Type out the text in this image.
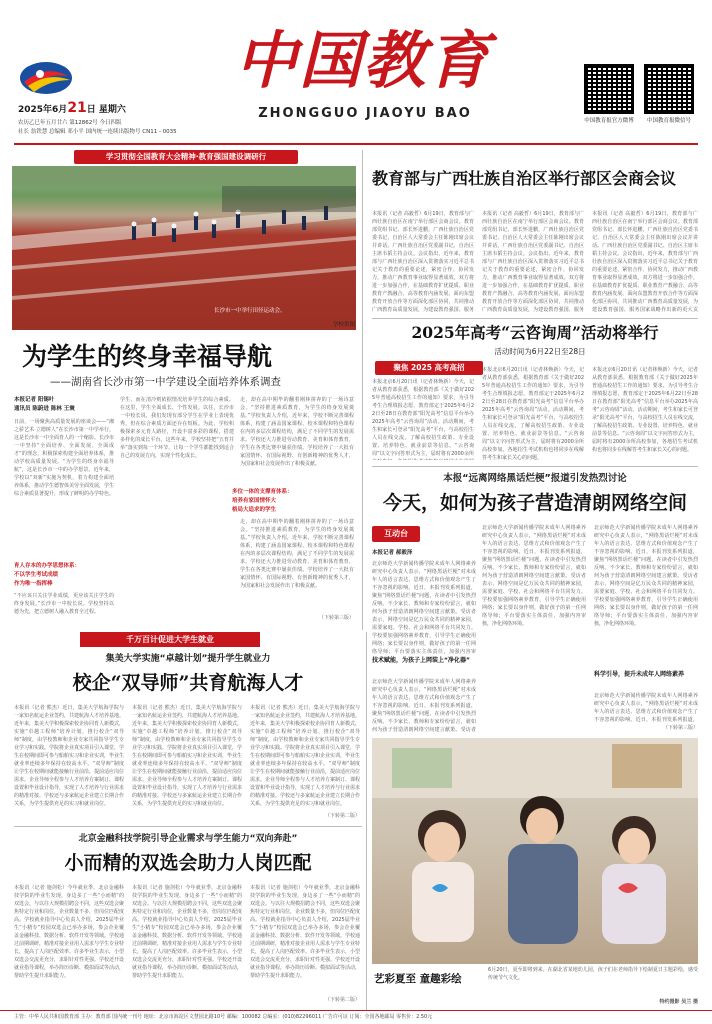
2025年6月21日 星期六
农历乙巳年五月廿六 第12862号 今日四版
社长 翁铁慧 总编辑 邓小平 国内统一连续出版物号 CN11 - 0035
中国教育
ZHONGGUO JIAOYU BAO	中国教育报官方微博	中国教育报微信号
学习贯彻全国教育大会精神·教育强国建设调研行
长沙市一中举行田径运动会。
学校供图
为学生的终身幸福导航
——湖南省长沙市第一中学建设全面培养体系调查
本报记者 阳锡叶
通讯员 陈蔚进 陈林 王寰
日前，一场聚焦高质量发展的座谈会——“湘之骄艺术·立德树人”在长沙市第一中学举行。这是长沙市一中全面育人的一个缩影。长沙市一中坚持“全面培养、全面发展、全面成才”的理念，积极探索构建全面培养体系，推动学校高质量发展。“为学生的终身幸福导航”，这是长沙市一中的办学愿景。近年来，学校以“双新”实施为契机，着力构建全面培养体系，推动学生德智体美劳全面发展，学生综合素质显著提升，形成了鲜明的办学特色。
育人存本的办学思想体系：
不以学生考试成绩
作为唯一指挥棒
“不应该只关注学业成绩，更应该关注学生的终身发展。”长沙市一中校长说。学校坚持以德为先，把立德树人融入教育全过程。
学生，而在清冷则依据情况培养学生的综合素质。在这里，学生全面成长、个性发展。以往，长沙市一中校长说，我们发现有部分学生在学业上表现优秀，但在综合素质方面还存在短板。为此，学校积极探索多元育人路径，开设丰富多彩的课程，搭建多样化的成长平台。这些年来，学校坚持把“五育并举”落实到每一个环节，让每一个学生都能找到适合自己的发展方向，实现个性化成长。
多位一体的支撑育体系：
培养有家国情怀大
格局大追求的学生
走，却在高中期毕的翻着刚林拼奔的了一场诗意会。“坚持推进素质教育，为学生的终身发展奠基。”学校负责人介绍，近年来，学校不断完善课程体系，构建了涵盖国家课程、校本课程和特色课程在内的多层次课程结构，满足了不同学生的发展需求。学校还大力推进劳动教育、美育和体育教育，学生在各类比赛中屡获佳绩。学校培养了一大批有家国情怀、有国际视野、有创新精神的优秀人才，为国家和社会发展作出了积极贡献。
走，却在高中期毕的翻着刚林拼奔的了一场诗意会。“坚持推进素质教育，为学生的终身发展奠基。”学校负责人介绍，近年来，学校不断完善课程体系，构建了涵盖国家课程、校本课程和特色课程在内的多层次课程结构，满足了不同学生的发展需求。学校还大力推进劳动教育、美育和体育教育，学生在各类比赛中屡获佳绩。学校培养了一大批有家国情怀、有国际视野、有创新精神的优秀人才，为国家和社会发展作出了积极贡献。
（下转第三版）
教育部与广西壮族自治区举行部区会商会议
本报讯（记者 高毅哲）6月19日，教育部与广西壮族自治区在南宁举行部区会商会议。教育部党组书记、部长怀进鹏，广西壮族自治区党委书记、自治区人大常委会主任陈刚出席会议并讲话。广西壮族自治区党委副书记、自治区主席韦韬主持会议。会议指出，近年来，教育部与广西壮族自治区深入贯彻落实习近平总书记关于教育的重要论述，紧密合作、协同发力，推动广西教育事业取得显著成效。双方将进一步加强合作，在基础教育扩优提质、职业教育产教融合、高等教育内涵发展、面向东盟教育开放合作等方面深化部区协同，共同推动广西教育高质量发展，为建设教育强国、服务
本报讯（记者 高毅哲）6月19日，教育部与广西壮族自治区在南宁举行部区会商会议。教育部党组书记、部长怀进鹏，广西壮族自治区党委书记、自治区人大常委会主任陈刚出席会议并讲话。广西壮族自治区党委副书记、自治区主席韦韬主持会议。会议指出，近年来，教育部与广西壮族自治区深入贯彻落实习近平总书记关于教育的重要论述，紧密合作、协同发力，推动广西教育事业取得显著成效。双方将进一步加强合作，在基础教育扩优提质、职业教育产教融合、高等教育内涵发展、面向东盟教育开放合作等方面深化部区协同，共同推动广西教育高质量发展，为建设教育强国、服务
本报讯（记者 高毅哲）6月19日，教育部与广西壮族自治区在南宁举行部区会商会议。教育部党组书记、部长怀进鹏，广西壮族自治区党委书记、自治区人大常委会主任陈刚出席会议并讲话。广西壮族自治区党委副书记、自治区主席韦韬主持会议。会议指出，近年来，教育部与广西壮族自治区深入贯彻落实习近平总书记关于教育的重要论述，紧密合作、协同发力，推动广西教育事业取得显著成效。双方将进一步加强合作，在基础教育扩优提质、职业教育产教融合、高等教育内涵发展、面向东盟教育开放合作等方面深化部区协同，共同推动广西教育高质量发展，为建设教育强国、服务国家战略作出新的更大贡
2025年高考“云咨询周”活动将举行
活动时间为6月22日至28日
聚焦 2025 高考高招
本报北京6月20日讯（记者林焕新）今天，记者从教育部获悉，根据教育部《关于做好2025年普通高校招生工作的通知》要求，为引导考生合理填报志愿，教育部定于2025年6月22日至28日在教育部“阳光高考”信息平台举办2025年高考“云咨询周”活动。活动期间，考生和家长可登录“阳光高考”平台，与高校招生人员在线交流，了解高校招生政策、专业设置、培养特色、就业前景等信息。“云咨询周”以文字问答形式为主，届时将有2000余所
本报北京6月20日讯（记者林焕新）今天，记者从教育部获悉，根据教育部《关于做好2025年普通高校招生工作的通知》要求，为引导考生合理填报志愿，教育部定于2025年6月22日至28日在教育部“阳光高考”信息平台举办2025年高考“云咨询周”活动。活动期间，考生和家长可登录“阳光高考”平台，与高校招生人员在线交流，了解高校招生政策、专业设置、培养特色、就业前景等信息。“云咨询周”以文字问答形式为主，届时将有2000余所高校参加，各地招生考试机构也将同步在线解答考生和家长关心的问题。
本报北京6月20日讯（记者林焕新）今天，记者从教育部获悉，根据教育部《关于做好2025年普通高校招生工作的通知》要求，为引导考生合理填报志愿，教育部定于2025年6月22日至28日在教育部“阳光高考”信息平台举办2025年高考“云咨询周”活动。活动期间，考生和家长可登录“阳光高考”平台，与高校招生人员在线交流，了解高校招生政策、专业设置、培养特色、就业前景等信息。“云咨询周”以文字问答形式为主，届时将有2000余所高校参加，各地招生考试机构也将同步在线解答考生和家长关心的问题。
本报“远离网络黑话烂梗”报道引发热烈讨论
今天，如何为孩子营造清朗网络空间
互动台
本报记者 郝毅泽
北京师范大学新闻传播学院未成年人网络素养研究中心负责人表示，“网络黑话烂梗”对未成年人的语言表达、思维方式和价值观念产生了不容忽视的影响。近日，本报刊发系列报道，聚焦“网络黑话烂梗”问题，在读者中引发热烈反响。不少家长、教师和专家纷纷留言，就如何为孩子营造清朗网络空间建言献策。受访者表示，网络空间是亿万民众共同的精神家园，需要家庭、学校、社会和网络平台共同发力。学校要加强网络素养教育，引导学生正确使用网络；家长要以身作则，做好孩子的第一任网络导师；平台要落实主体责任，加强内容审
技术赋能，为孩子上网装上“净化器”
北京师范大学新闻传播学院未成年人网络素养研究中心负责人表示，“网络黑话烂梗”对未成年人的语言表达、思维方式和价值观念产生了不容忽视的影响。近日，本报刊发系列报道，聚焦“网络黑话烂梗”问题，在读者中引发热烈反响。不少家长、教师和专家纷纷留言，就如何为孩子营造清朗网络空间建言献策。受访者
北京师范大学新闻传播学院未成年人网络素养研究中心负责人表示，“网络黑话烂梗”对未成年人的语言表达、思维方式和价值观念产生了不容忽视的影响。近日，本报刊发系列报道，聚焦“网络黑话烂梗”问题，在读者中引发热烈反响。不少家长、教师和专家纷纷留言，就如何为孩子营造清朗网络空间建言献策。受访者表示，网络空间是亿万民众共同的精神家园，需要家庭、学校、社会和网络平台共同发力。学校要加强网络素养教育，引导学生正确使用网络；家长要以身作则，做好孩子的第一任网络导师；平台要落实主体责任，加强内容审核，净化网络环境。
北京师范大学新闻传播学院未成年人网络素养研究中心负责人表示，“网络黑话烂梗”对未成年人的语言表达、思维方式和价值观念产生了不容忽视的影响。近日，本报刊发系列报道，聚焦“网络黑话烂梗”问题，在读者中引发热烈反响。不少家长、教师和专家纷纷留言，就如何为孩子营造清朗网络空间建言献策。受访者表示，网络空间是亿万民众共同的精神家园，需要家庭、学校、社会和网络平台共同发力。学校要加强网络素养教育，引导学生正确使用网络；家长要以身作则，做好孩子的第一任网络导师；平台要落实主体责任，加强内容审核，净化网络环境。
科学引导，提升未成年人网络素养
北京师范大学新闻传播学院未成年人网络素养研究中心负责人表示，“网络黑话烂梗”对未成年人的语言表达、思维方式和价值观念产生了不容忽视的影响。近日，本报刊发系列报道，
（下转第三版）
千万百计促进大学生就业
集美大学实施“卓越计划”提升学生就业力
校企“双导师”共育航海人才
本报讯（记者 熊杰）近日，集美大学航海学院与一家知名航运企业签约，共建航海人才培养基地。近年来，集美大学积极探索校企协同育人新模式，实施“卓越工程师”培养计划，推行校企“双导师”制度，由学校教师和企业专家共同指导学生专业学习和实践。学院将企业真实项目引入课堂，学生在校期间即可参与船舶实习和企业实训，毕业生就业率连续多年保持在较高水平。“双导师”制度让学生在校期间就能接触行业前沿，提前适应岗位需求。企业导师全程参与人才培养方案制订、课程设置和毕业设计指导，实现了人才培养与行业需求的精准对接。学校还与多家航运企业建立长期合作关系，为学生提供充足的实习和就业岗位。
本报讯（记者 熊杰）近日，集美大学航海学院与一家知名航运企业签约，共建航海人才培养基地。近年来，集美大学积极探索校企协同育人新模式，实施“卓越工程师”培养计划，推行校企“双导师”制度，由学校教师和企业专家共同指导学生专业学习和实践。学院将企业真实项目引入课堂，学生在校期间即可参与船舶实习和企业实训，毕业生就业率连续多年保持在较高水平。“双导师”制度让学生在校期间就能接触行业前沿，提前适应岗位需求。企业导师全程参与人才培养方案制订、课程设置和毕业设计指导，实现了人才培养与行业需求的精准对接。学校还与多家航运企业建立长期合作关系，为学生提供充足的实习和就业岗位。
本报讯（记者 熊杰）近日，集美大学航海学院与一家知名航运企业签约，共建航海人才培养基地。近年来，集美大学积极探索校企协同育人新模式，实施“卓越工程师”培养计划，推行校企“双导师”制度，由学校教师和企业专家共同指导学生专业学习和实践。学院将企业真实项目引入课堂，学生在校期间即可参与船舶实习和企业实训，毕业生就业率连续多年保持在较高水平。“双导师”制度让学生在校期间就能接触行业前沿，提前适应岗位需求。企业导师全程参与人才培养方案制订、课程设置和毕业设计指导，实现了人才培养与行业需求的精准对接。学校还与多家航运企业建立长期合作关系，为学生提供充足的实习和就业岗位。
（下转第二版）
北京金融科技学院引导企业需求与学生能力“双向奔赴”
小而精的双选会助力人岗匹配
本报讯（记者 施剑松）今年就业季，北京金融科技学院的毕业生发现，身边多了一些“小而精”的双选会。与以往大规模招聘会不同，这些双选会聚焦特定行业和岗位，企业数量不多，但岗位匹配度高。学校就业指导中心负责人介绍，2025届毕业生“小精专”校园双选会已举办多场，参会企业覆盖金融科技、数据分析、软件开发等领域。学校通过前期调研，精准对接企业用人需求与学生专业特长，提高了人岗匹配效率。许多毕业生表示，小型双选会交流更充分，求职针对性更强。学校还开设就业指导课程，举办简历诊断、模拟面试等活动，帮助学生提升求职能力。
本报讯（记者 施剑松）今年就业季，北京金融科技学院的毕业生发现，身边多了一些“小而精”的双选会。与以往大规模招聘会不同，这些双选会聚焦特定行业和岗位，企业数量不多，但岗位匹配度高。学校就业指导中心负责人介绍，2025届毕业生“小精专”校园双选会已举办多场，参会企业覆盖金融科技、数据分析、软件开发等领域。学校通过前期调研，精准对接企业用人需求与学生专业特长，提高了人岗匹配效率。许多毕业生表示，小型双选会交流更充分，求职针对性更强。学校还开设就业指导课程，举办简历诊断、模拟面试等活动，帮助学生提升求职能力。
本报讯（记者 施剑松）今年就业季，北京金融科技学院的毕业生发现，身边多了一些“小而精”的双选会。与以往大规模招聘会不同，这些双选会聚焦特定行业和岗位，企业数量不多，但岗位匹配度高。学校就业指导中心负责人介绍，2025届毕业生“小精专”校园双选会已举办多场，参会企业覆盖金融科技、数据分析、软件开发等领域。学校通过前期调研，精准对接企业用人需求与学生专业特长，提高了人岗匹配效率。许多毕业生表示，小型双选会交流更充分，求职针对性更强。学校还开设就业指导课程，举办简历诊断、模拟面试等活动，帮助学生提升求职能力。
（下转第二版）
艺彩夏至 童趣彩绘
6月20日，夏至即将到来，在湖北省某地幼儿园，孩子们在老师指导下绘制夏日主题彩绘，感受传统节气文化。
特约摄影 吴兰 摄
主管：中华人民共和国教育部 主办：教育部 国内统一刊号 地址：北京市海淀区文慧园北路10号 邮编：100082 总编室：(010)82296011 广告许可证 订阅：全国各地邮局 零售价：2.50元
